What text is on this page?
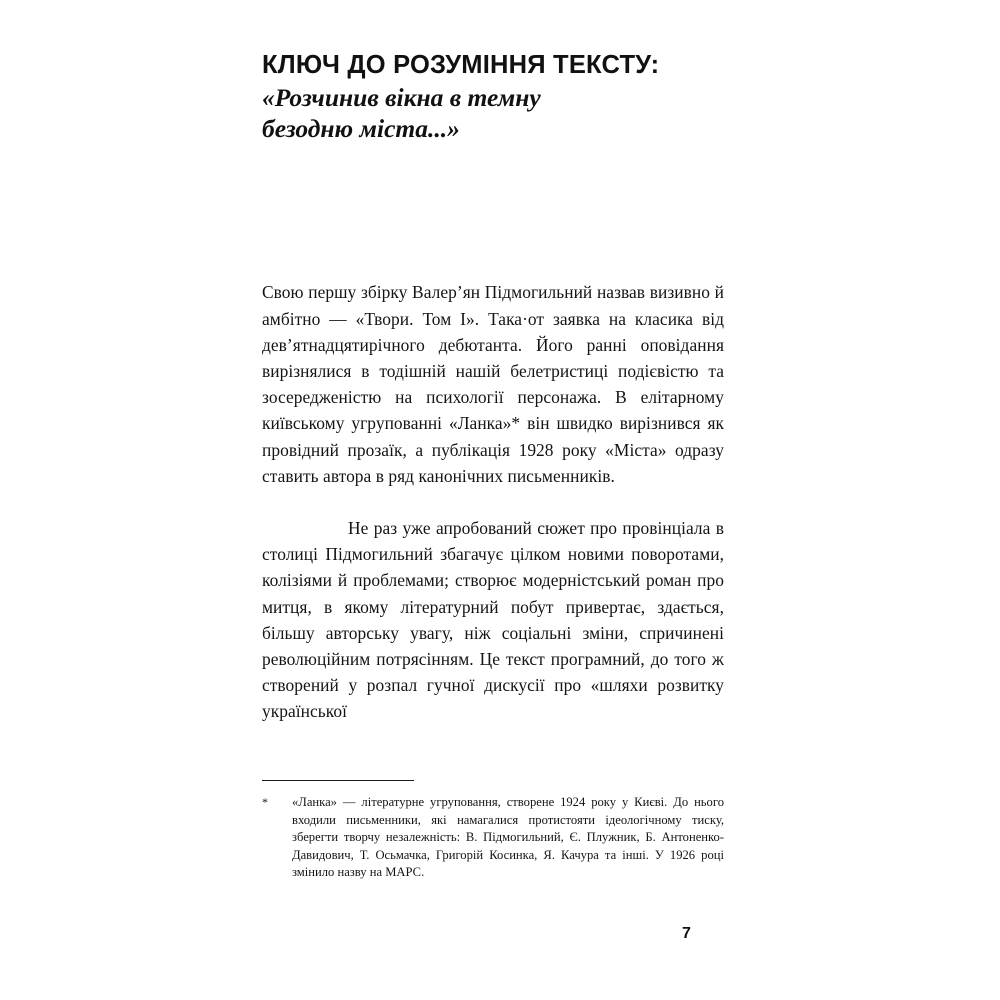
КЛЮЧ ДО РОЗУМІННЯ ТЕКСТУ:
«Розчинив вікна в темну
безодню міста...»

Свою першу збірку Валер’ян Підмогильний назвав визивно й амбітно — «Твори. Том I». Така·от заявка на класика від дев’ятнадцятирічного дебютанта. Його ранні оповідання вирізнялися в тодішній нашій белетристиці подієвістю та зосередженістю на психології персонажа. В елітарному київському угрупованні «Ланка»* він швидко вирізнився як провідний прозаїк, а публікація 1928 року «Міста» одразу ставить автора в ряд канонічних письменників.

Не раз уже апробований сюжет про провінціала в столиці Підмогильний збагачує цілком новими поворотами, колізіями й проблемами; створює модерністський роман про митця, в якому літературний побут привертає, здається, більшу авторську увагу, ніж соціальні зміни, спричинені революційним потрясінням. Це текст програмний, до того ж створений у розпал гучної дискусії про «шляхи розвитку української

*	«Ланка» — літературне угруповання, створене 1924 року у Києві. До нього входили письменники, які намагалися протистояти ідеологічному тиску, зберегти творчу незалежність: В. Підмогильний, Є. Плужник, Б. Антоненко-Давидович, Т. Осьмачка, Григорій Косинка, Я. Качура та інші. У 1926 році змінило назву на МАРС.
7
